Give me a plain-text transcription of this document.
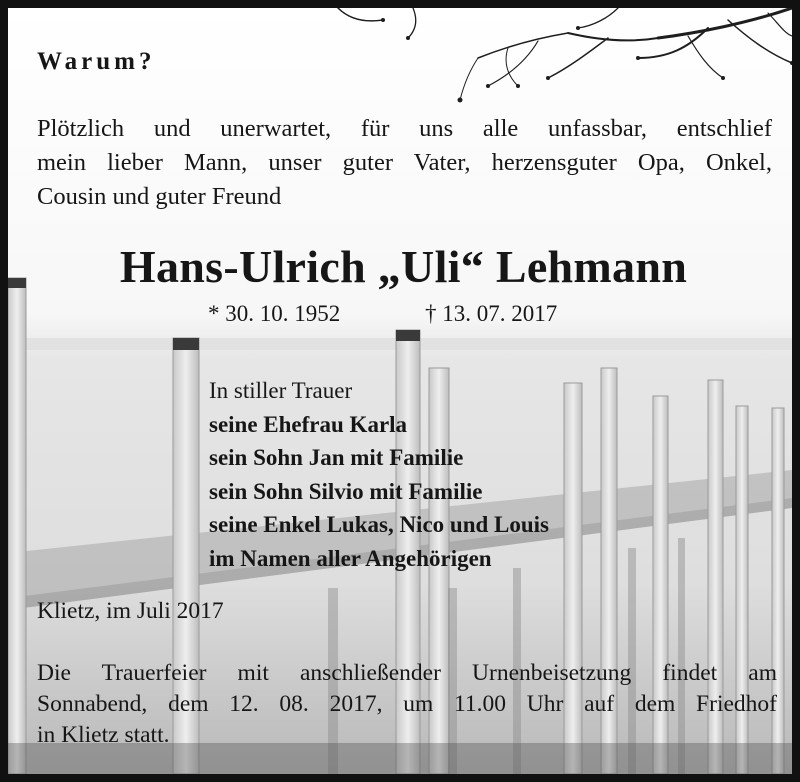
Warum?
Plötzlich und unerwartet, für uns alle unfassbar, entschlief
mein lieber Mann, unser guter Vater, herzensguter Opa, Onkel,
Cousin und guter Freund
Hans-Ulrich „Uli“ Lehmann
* 30. 10. 1952	† 13. 07. 2017
In stiller Trauer
seine Ehefrau Karla
sein Sohn Jan mit Familie
sein Sohn Silvio mit Familie
seine Enkel Lukas, Nico und Louis
im Namen aller Angehörigen
Klietz, im Juli 2017
Die Trauerfeier mit anschließender Urnenbeisetzung findet am
Sonnabend, dem 12. 08. 2017, um 11.00 Uhr auf dem Friedhof
in Klietz statt.
